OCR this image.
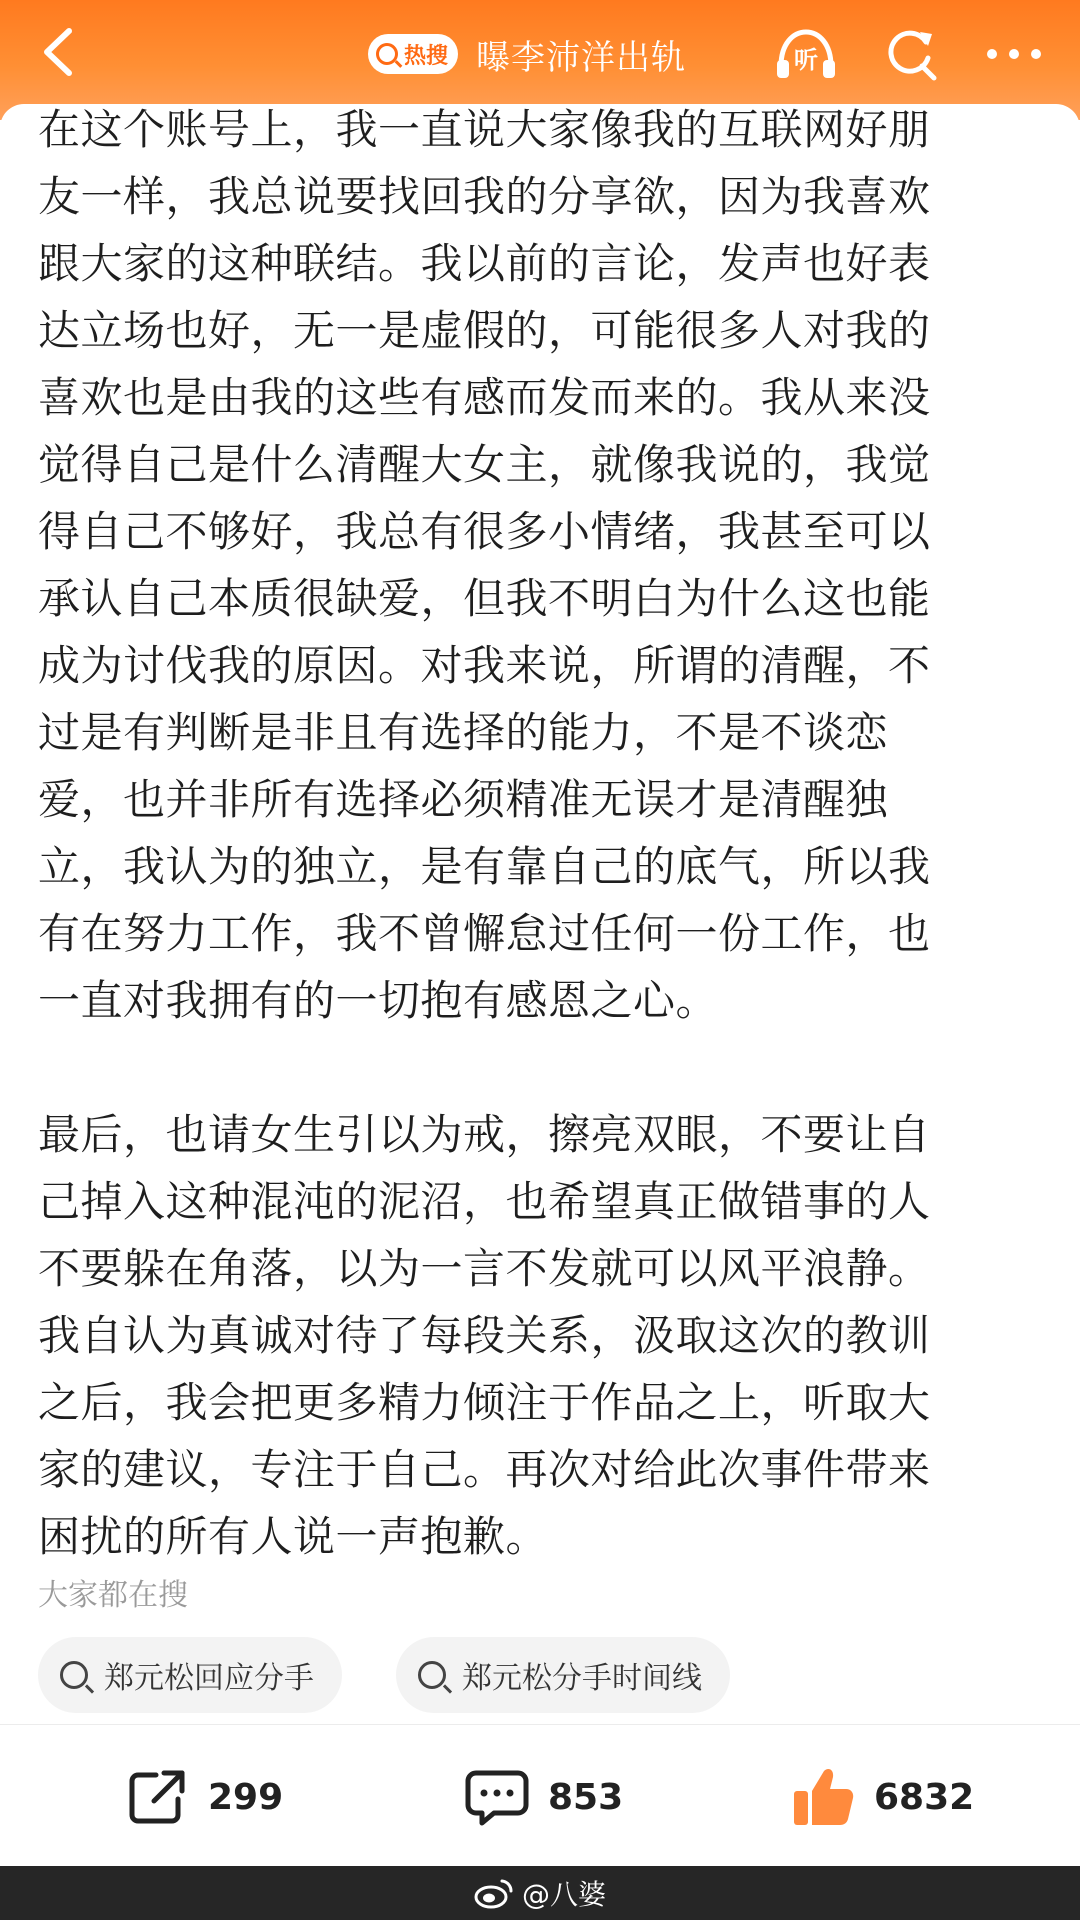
热搜 曝李沛洋出轨	听

在这个账号上，我一直说大家像我的互联网好朋
友一样，我总说要找回我的分享欲，因为我喜欢
跟大家的这种联结。我以前的言论，发声也好表
达立场也好，无一是虚假的，可能很多人对我的
喜欢也是由我的这些有感而发而来的。我从来没
觉得自己是什么清醒大女主，就像我说的，我觉
得自己不够好，我总有很多小情绪，我甚至可以
承认自己本质很缺爱，但我不明白为什么这也能
成为讨伐我的原因。对我来说，所谓的清醒，不
过是有判断是非且有选择的能力，不是不谈恋
爱，也并非所有选择必须精准无误才是清醒独
立，我认为的独立，是有靠自己的底气，所以我
有在努力工作，我不曾懈怠过任何一份工作，也
一直对我拥有的一切抱有感恩之心。

最后，也请女生引以为戒，擦亮双眼，不要让自
己掉入这种混沌的泥沼，也希望真正做错事的人
不要躲在角落，以为一言不发就可以风平浪静。
我自认为真诚对待了每段关系，汲取这次的教训
之后，我会把更多精力倾注于作品之上，听取大
家的建议，专注于自己。再次对给此次事件带来
困扰的所有人说一声抱歉。

大家都在搜
郑元松回应分手	郑元松分手时间线
299	853	6832
@八婆
